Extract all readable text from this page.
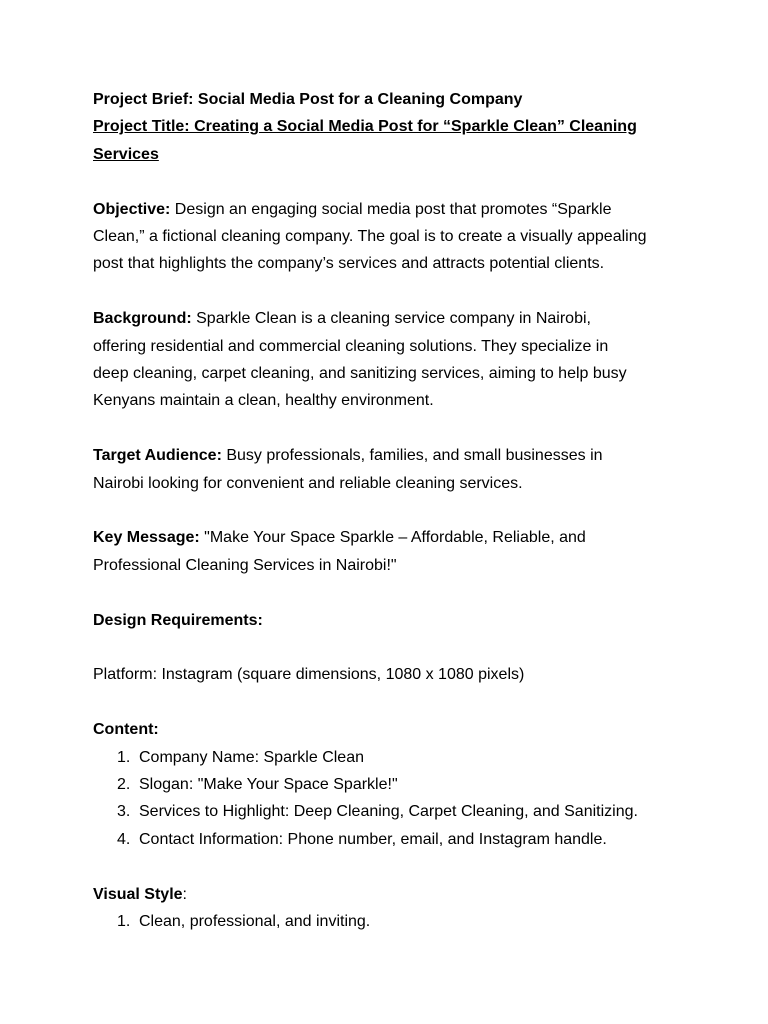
Project Brief: Social Media Post for a Cleaning Company
Project Title: Creating a Social Media Post for “Sparkle Clean” Cleaning
Services
Objective: Design an engaging social media post that promotes “Sparkle
Clean,” a fictional cleaning company. The goal is to create a visually appealing
post that highlights the company’s services and attracts potential clients.
Background: Sparkle Clean is a cleaning service company in Nairobi,
offering residential and commercial cleaning solutions. They specialize in
deep cleaning, carpet cleaning, and sanitizing services, aiming to help busy
Kenyans maintain a clean, healthy environment.
Target Audience: Busy professionals, families, and small businesses in
Nairobi looking for convenient and reliable cleaning services.
Key Message: "Make Your Space Sparkle – Affordable, Reliable, and
Professional Cleaning Services in Nairobi!"
Design Requirements:
Platform: Instagram (square dimensions, 1080 x 1080 pixels)
Content:
1. Company Name: Sparkle Clean
2. Slogan: "Make Your Space Sparkle!"
3. Services to Highlight: Deep Cleaning, Carpet Cleaning, and Sanitizing.
4. Contact Information: Phone number, email, and Instagram handle.
Visual Style:
1. Clean, professional, and inviting.
